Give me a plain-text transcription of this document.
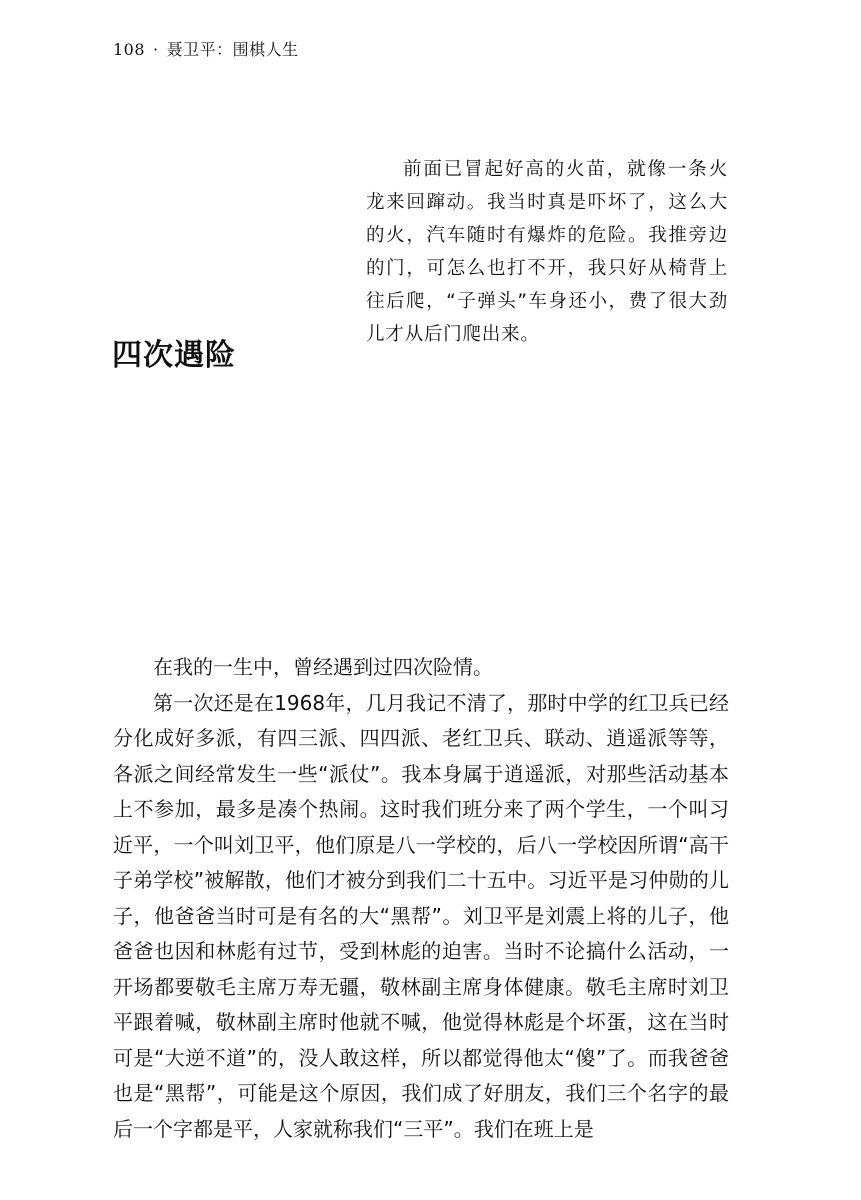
108 · 聂卫平：围棋人生

前面已冒起好高的火苗，就像一条火龙来回蹿动。我当时真是吓坏了，这么大的火，汽车随时有爆炸的危险。我推旁边的门，可怎么也打不开，我只好从椅背上往后爬，“子弹头”车身还小，费了很大劲儿才从后门爬出来。

四次遇险

在我的一生中，曾经遇到过四次险情。

第一次还是在1968年，几月我记不清了，那时中学的红卫兵已经分化成好多派，有四三派、四四派、老红卫兵、联动、逍遥派等等，各派之间经常发生一些“派仗”。我本身属于逍遥派，对那些活动基本上不参加，最多是凑个热闹。这时我们班分来了两个学生，一个叫习近平，一个叫刘卫平，他们原是八一学校的，后八一学校因所谓“高干子弟学校”被解散，他们才被分到我们二十五中。习近平是习仲勋的儿子，他爸爸当时可是有名的大“黑帮”。刘卫平是刘震上将的儿子，他爸爸也因和林彪有过节，受到林彪的迫害。当时不论搞什么活动，一开场都要敬毛主席万寿无疆，敬林副主席身体健康。敬毛主席时刘卫平跟着喊，敬林副主席时他就不喊，他觉得林彪是个坏蛋，这在当时可是“大逆不道”的，没人敢这样，所以都觉得他太“傻”了。而我爸爸也是“黑帮”，可能是这个原因，我们成了好朋友，我们三个名字的最后一个字都是平，人家就称我们“三平”。我们在班上是
